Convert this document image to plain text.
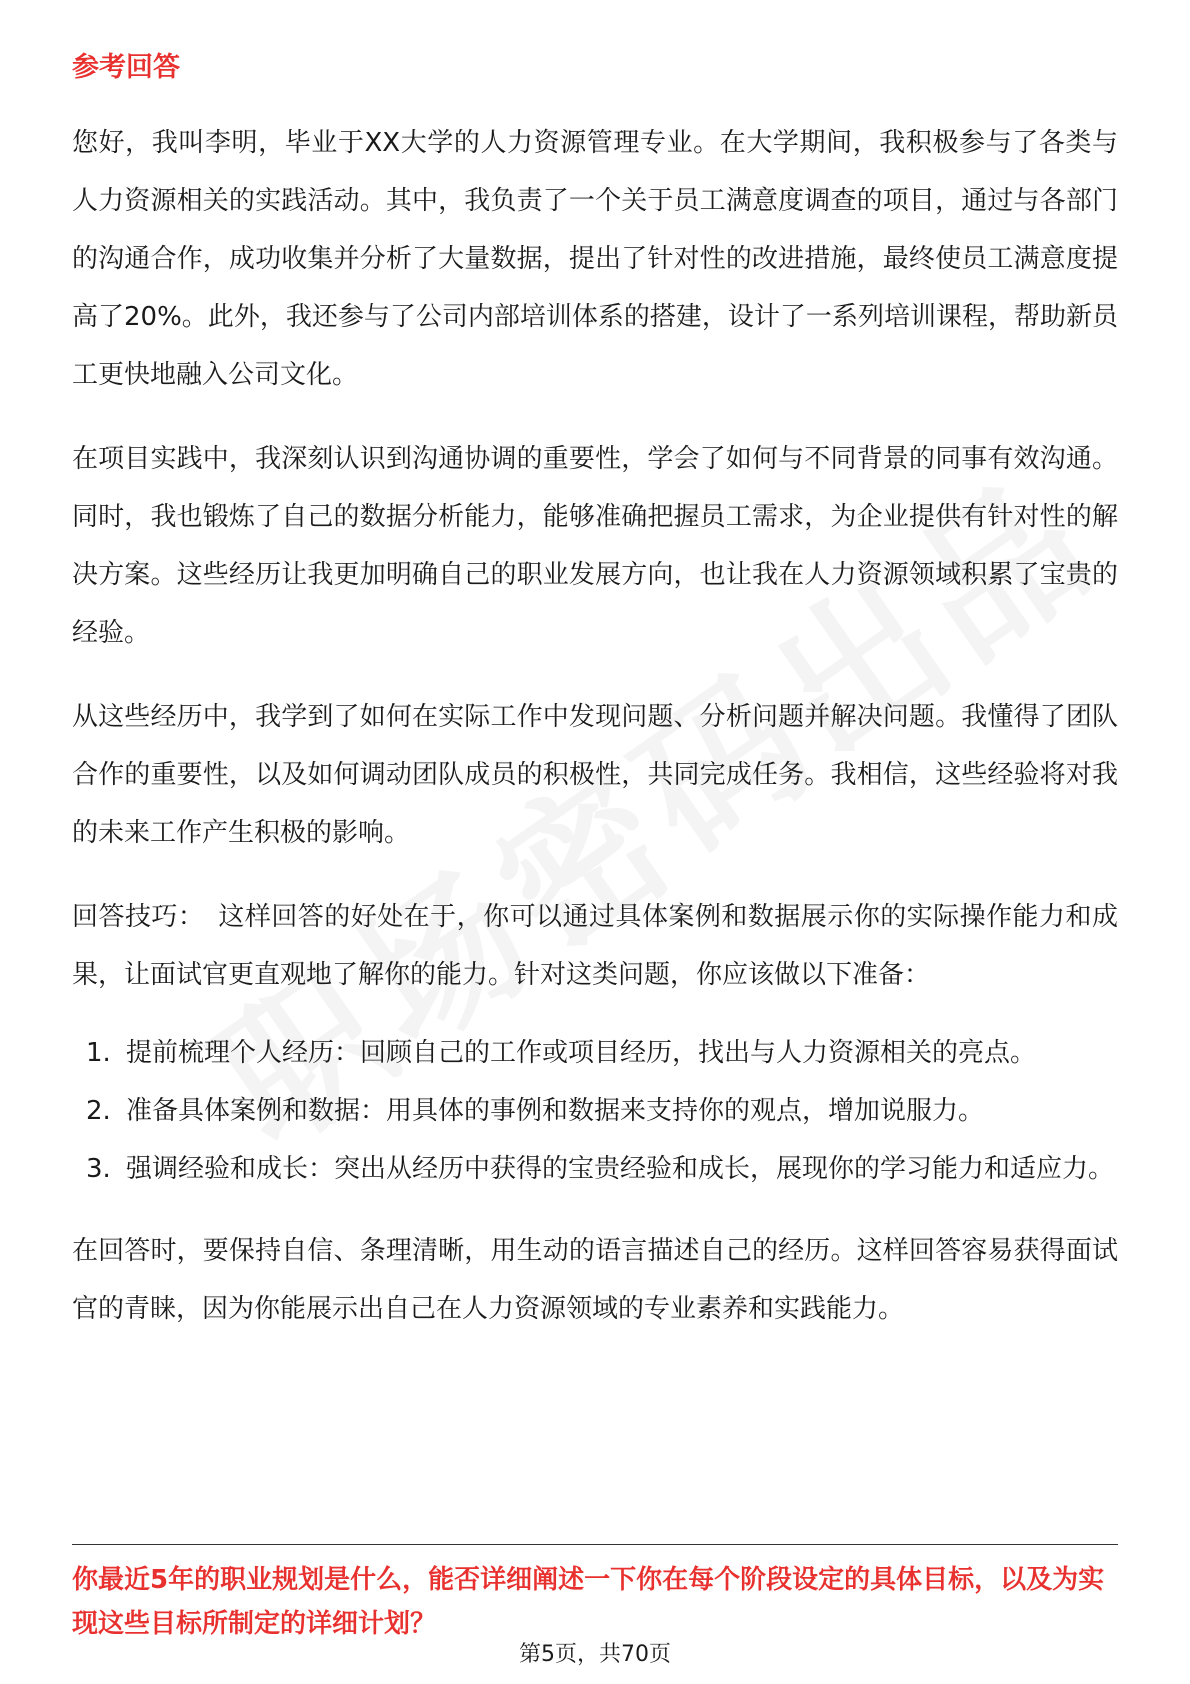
参考回答

您好，我叫李明，毕业于XX大学的人力资源管理专业。在大学期间，我积极参与了各类与人力资源相关的实践活动。其中，我负责了一个关于员工满意度调查的项目，通过与各部门的沟通合作，成功收集并分析了大量数据，提出了针对性的改进措施，最终使员工满意度提高了20%。此外，我还参与了公司内部培训体系的搭建，设计了一系列培训课程，帮助新员工更快地融入公司文化。

在项目实践中，我深刻认识到沟通协调的重要性，学会了如何与不同背景的同事有效沟通。同时，我也锻炼了自己的数据分析能力，能够准确把握员工需求，为企业提供有针对性的解决方案。这些经历让我更加明确自己的职业发展方向，也让我在人力资源领域积累了宝贵的经验。

从这些经历中，我学到了如何在实际工作中发现问题、分析问题并解决问题。我懂得了团队合作的重要性，以及如何调动团队成员的积极性，共同完成任务。我相信，这些经验将对我的未来工作产生积极的影响。

回答技巧： 这样回答的好处在于，你可以通过具体案例和数据展示你的实际操作能力和成果，让面试官更直观地了解你的能力。针对这类问题，你应该做以下准备：

1. 提前梳理个人经历：回顾自己的工作或项目经历，找出与人力资源相关的亮点。
2. 准备具体案例和数据：用具体的事例和数据来支持你的观点，增加说服力。
3. 强调经验和成长：突出从经历中获得的宝贵经验和成长，展现你的学习能力和适应力。

在回答时，要保持自信、条理清晰，用生动的语言描述自己的经历。这样回答容易获得面试官的青睐，因为你能展示出自己在人力资源领域的专业素养和实践能力。

你最近5年的职业规划是什么，能否详细阐述一下你在每个阶段设定的具体目标，以及为实现这些目标所制定的详细计划？

第5页，共70页
